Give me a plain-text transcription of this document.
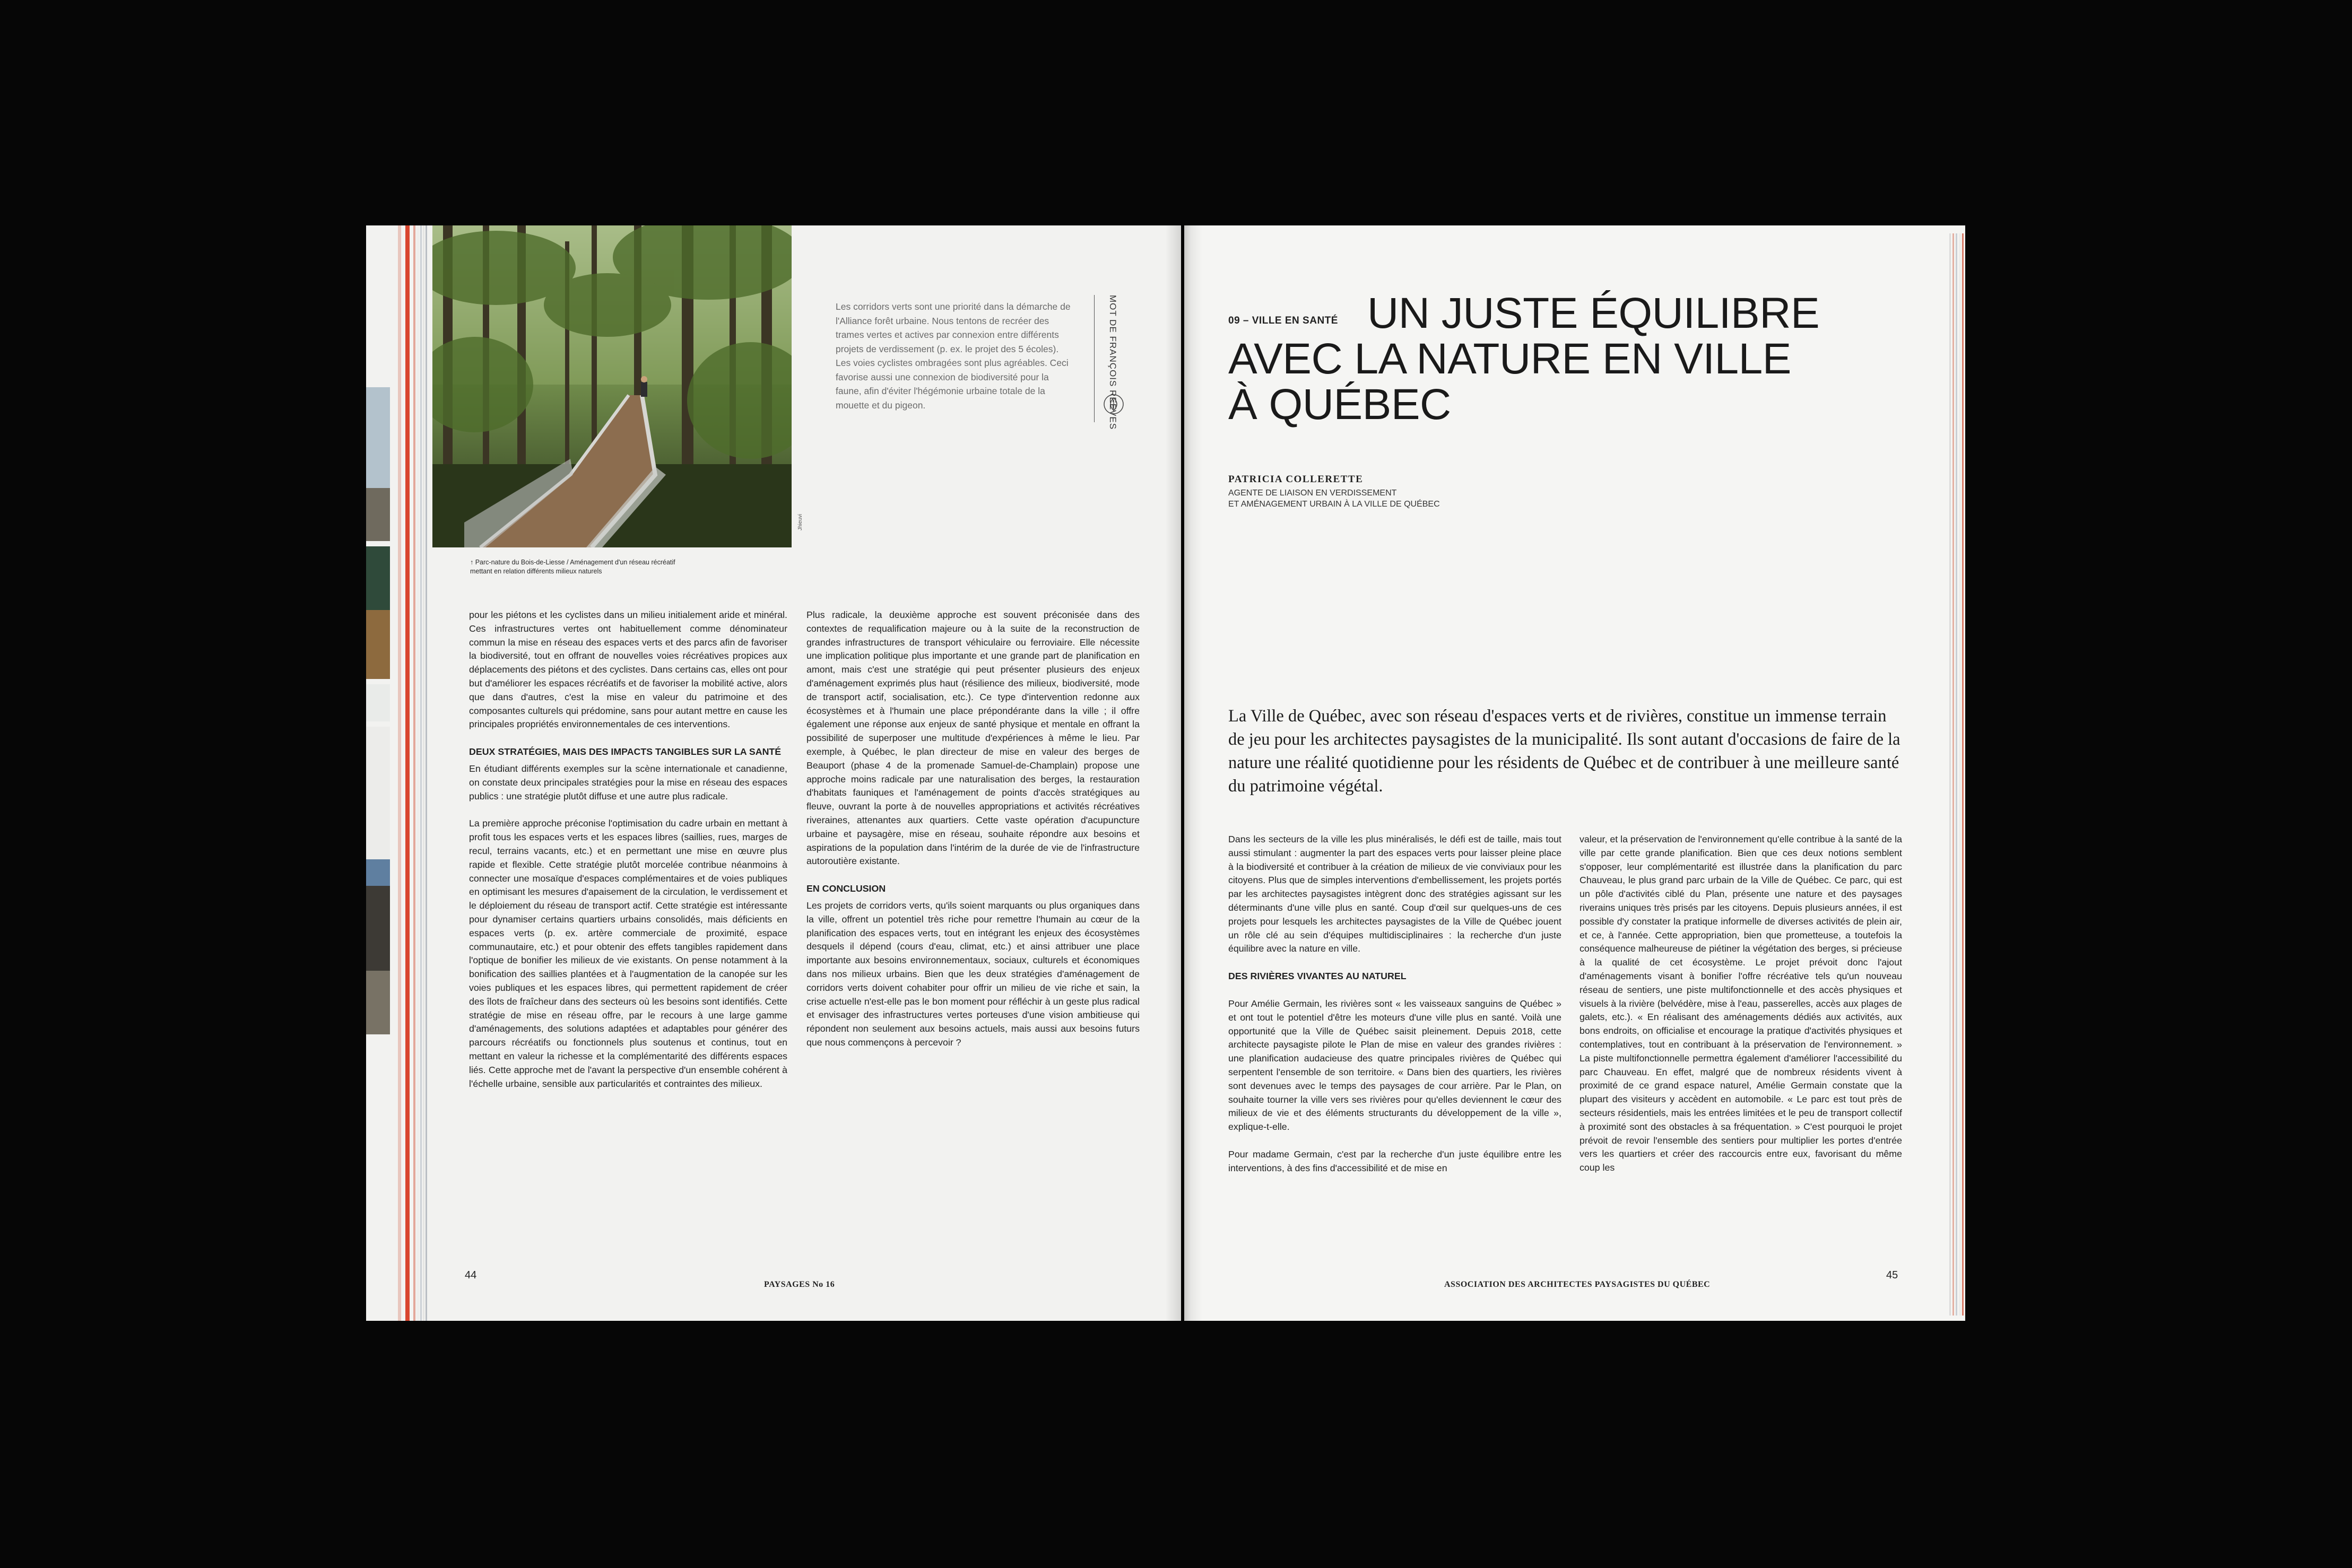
↑ Parc-nature du Bois-de-Liesse / Aménagement d'un réseau récréatif mettant en relation différents milieux naturels
Jhieuvi
Les corridors verts sont une priorité dans la démarche de l'Alliance forêt urbaine. Nous tentons de recréer des trames vertes et actives par connexion entre différents projets de verdissement (p. ex. le projet des 5 écoles). Les voies cyclistes ombragées sont plus agréables. Ceci favorise aussi une connexion de biodiversité pour la faune, afin d'éviter l'hégémonie urbaine totale de la mouette et du pigeon.	MOT DE FRANÇOIS REEVES

pour les piétons et les cyclistes dans un milieu initialement aride et minéral. Ces infrastructures vertes ont habituellement comme dénominateur commun la mise en réseau des espaces verts et des parcs afin de favoriser la biodiversité, tout en offrant de nouvelles voies récréatives propices aux déplacements des piétons et des cyclistes. Dans certains cas, elles ont pour but d'améliorer les espaces récréatifs et de favoriser la mobilité active, alors que dans d'autres, c'est la mise en valeur du patrimoine et des composantes culturels qui prédomine, sans pour autant mettre en cause les principales propriétés environnementales de ces interventions.

DEUX STRATÉGIES, MAIS DES IMPACTS TANGIBLES SUR LA SANTÉ

En étudiant différents exemples sur la scène internationale et canadienne, on constate deux principales stratégies pour la mise en réseau des espaces publics : une stratégie plutôt diffuse et une autre plus radicale.

La première approche préconise l'optimisation du cadre urbain en mettant à profit tous les espaces verts et les espaces libres (saillies, rues, marges de recul, terrains vacants, etc.) et en permettant une mise en œuvre plus rapide et flexible. Cette stratégie plutôt morcelée contribue néanmoins à connecter une mosaïque d'espaces complémentaires et de voies publiques en optimisant les mesures d'apaisement de la circulation, le verdissement et le déploiement du réseau de transport actif. Cette stratégie est intéressante pour dynamiser certains quartiers urbains consolidés, mais déficients en espaces verts (p. ex. artère commerciale de proximité, espace communautaire, etc.) et pour obtenir des effets tangibles rapidement dans l'optique de bonifier les milieux de vie existants. On pense notamment à la bonification des saillies plantées et à l'augmentation de la canopée sur les voies publiques et les espaces libres, qui permettent rapidement de créer des îlots de fraîcheur dans des secteurs où les besoins sont identifiés. Cette stratégie de mise en réseau offre, par le recours à une large gamme d'aménagements, des solutions adaptées et adaptables pour générer des parcours récréatifs ou fonctionnels plus soutenus et continus, tout en mettant en valeur la richesse et la complémentarité des différents espaces liés. Cette approche met de l'avant la perspective d'un ensemble cohérent à l'échelle urbaine, sensible aux particularités et contraintes des milieux.

Plus radicale, la deuxième approche est souvent préconisée dans des contextes de requalification majeure ou à la suite de la reconstruction de grandes infrastructures de transport véhiculaire ou ferroviaire. Elle nécessite une implication politique plus importante et une grande part de planification en amont, mais c'est une stratégie qui peut présenter plusieurs des enjeux d'aménagement exprimés plus haut (résilience des milieux, biodiversité, mode de transport actif, socialisation, etc.). Ce type d'intervention redonne aux écosystèmes et à l'humain une place prépondérante dans la ville ; il offre également une réponse aux enjeux de santé physique et mentale en offrant la possibilité de superposer une multitude d'expériences à même le lieu. Par exemple, à Québec, le plan directeur de mise en valeur des berges de Beauport (phase 4 de la promenade Samuel-de-Champlain) propose une approche moins radicale par une naturalisation des berges, la restauration d'habitats fauniques et l'aménagement de points d'accès stratégiques au fleuve, ouvrant la porte à de nouvelles appropriations et activités récréatives riveraines, attenantes aux quartiers. Cette vaste opération d'acupuncture urbaine et paysagère, mise en réseau, souhaite répondre aux besoins et aspirations de la population dans l'intérim de la durée de vie de l'infrastructure autoroutière existante.

EN CONCLUSION

Les projets de corridors verts, qu'ils soient marquants ou plus organiques dans la ville, offrent un potentiel très riche pour remettre l'humain au cœur de la planification des espaces verts, tout en intégrant les enjeux des écosystèmes desquels il dépend (cours d'eau, climat, etc.) et ainsi attribuer une place importante aux besoins environnementaux, sociaux, culturels et économiques dans nos milieux urbains. Bien que les deux stratégies d'aménagement de corridors verts doivent cohabiter pour offrir un milieu de vie riche et sain, la crise actuelle n'est-elle pas le bon moment pour réfléchir à un geste plus radical et envisager des infrastructures vertes porteuses d'une vision ambitieuse qui répondent non seulement aux besoins actuels, mais aussi aux besoins futurs que nous commençons à percevoir ?

44
PAYSAGES No 16
UN JUSTE ÉQUILIBRE
AVEC LA NATURE EN VILLE
À QUÉBEC
09 – VILLE EN SANTÉ
PATRICIA COLLERETTE
AGENTE DE LIAISON EN VERDISSEMENT
ET AMÉNAGEMENT URBAIN À LA VILLE DE QUÉBEC
La Ville de Québec, avec son réseau d'espaces verts et de rivières, constitue un immense terrain de jeu pour les architectes paysagistes de la municipalité. Ils sont autant d'occasions de faire de la nature une réalité quotidienne pour les résidents de Québec et de contribuer à une meilleure santé du patrimoine végétal.

Dans les secteurs de la ville les plus minéralisés, le défi est de taille, mais tout aussi stimulant : augmenter la part des espaces verts pour laisser pleine place à la biodiversité et contribuer à la création de milieux de vie conviviaux pour les citoyens. Plus que de simples interventions d'embellissement, les projets portés par les architectes paysagistes intègrent donc des stratégies agissant sur les déterminants d'une ville plus en santé. Coup d'œil sur quelques-uns de ces projets pour lesquels les architectes paysagistes de la Ville de Québec jouent un rôle clé au sein d'équipes multidisciplinaires : la recherche d'un juste équilibre avec la nature en ville.

DES RIVIÈRES VIVANTES AU NATUREL

Pour Amélie Germain, les rivières sont « les vaisseaux sanguins de Québec » et ont tout le potentiel d'être les moteurs d'une ville plus en santé. Voilà une opportunité que la Ville de Québec saisit pleinement. Depuis 2018, cette architecte paysagiste pilote le Plan de mise en valeur des grandes rivières : une planification audacieuse des quatre principales rivières de Québec qui serpentent l'ensemble de son territoire. « Dans bien des quartiers, les rivières sont devenues avec le temps des paysages de cour arrière. Par le Plan, on souhaite tourner la ville vers ses rivières pour qu'elles deviennent le cœur des milieux de vie et des éléments structurants du développement de la ville », explique-t-elle.

Pour madame Germain, c'est par la recherche d'un juste équilibre entre les interventions, à des fins d'accessibilité et de mise en

valeur, et la préservation de l'environnement qu'elle contribue à la santé de la ville par cette grande planification. Bien que ces deux notions semblent s'opposer, leur complémentarité est illustrée dans la planification du parc Chauveau, le plus grand parc urbain de la Ville de Québec. Ce parc, qui est un pôle d'activités ciblé du Plan, présente une nature et des paysages riverains uniques très prisés par les citoyens. Depuis plusieurs années, il est possible d'y constater la pratique informelle de diverses activités de plein air, et ce, à l'année. Cette appropriation, bien que prometteuse, a toutefois la conséquence malheureuse de piétiner la végétation des berges, si précieuse à la qualité de cet écosystème. Le projet prévoit donc l'ajout d'aménagements visant à bonifier l'offre récréative tels qu'un nouveau réseau de sentiers, une piste multifonctionnelle et des accès physiques et visuels à la rivière (belvédère, mise à l'eau, passerelles, accès aux plages de galets, etc.). « En réalisant des aménagements dédiés aux activités, aux bons endroits, on officialise et encourage la pratique d'activités physiques et contemplatives, tout en contribuant à la préservation de l'environnement. » La piste multifonctionnelle permettra également d'améliorer l'accessibilité du parc Chauveau. En effet, malgré que de nombreux résidents vivent à proximité de ce grand espace naturel, Amélie Germain constate que la plupart des visiteurs y accèdent en automobile. « Le parc est tout près de secteurs résidentiels, mais les entrées limitées et le peu de transport collectif à proximité sont des obstacles à sa fréquentation. » C'est pourquoi le projet prévoit de revoir l'ensemble des sentiers pour multiplier les portes d'entrée vers les quartiers et créer des raccourcis entre eux, favorisant du même coup les

ASSOCIATION DES ARCHITECTES PAYSAGISTES DU QUÉBEC
45
